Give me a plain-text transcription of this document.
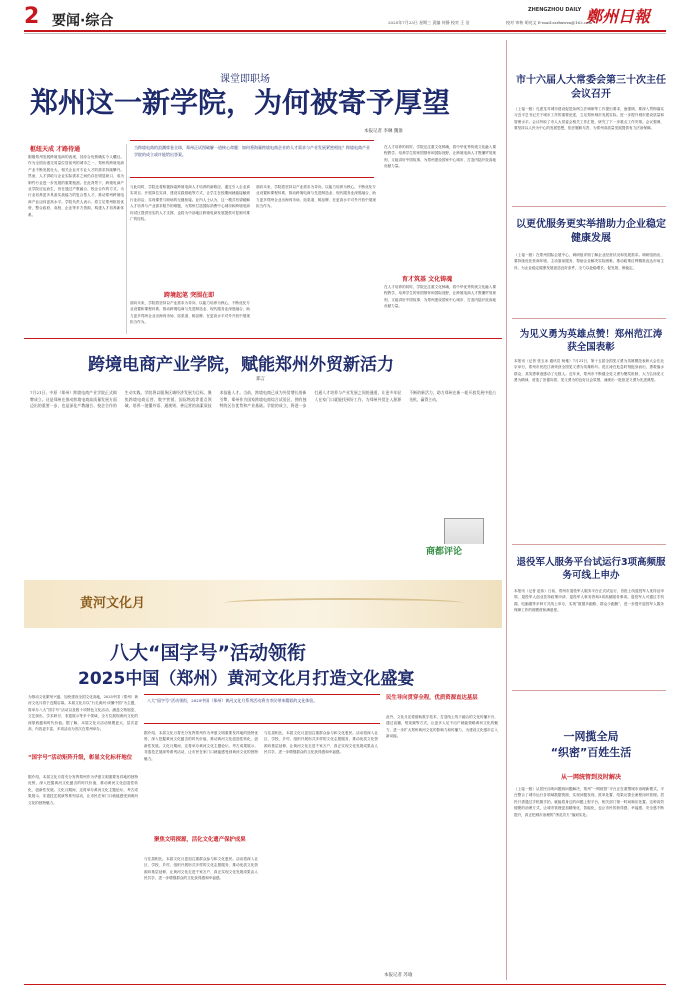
2 要闻·综合
ZHENGZHOU DAILY 鄭州日報
2025年7月23日 星期三 责编 何静 校对 王 洁	校对 审核 胡亮文 E-mail:zzrbxwzx@163.com
课堂即职场
郑州这一新学院，为何被寄予厚望
本报记者 李琳 魏淮
当跨境电商的浪潮席卷全球，郑州正试图破解一道核心命题：如何将海量跨境电商企业的人才需求与产业发展紧密相连？跨境电商产业学院的成立或许能给出答案。
枢纽天成 才路待通
刚刚郑州发展跨境电商的表现，其综合优势确实令人瞩目。作为全国出港交易量位居前列的城市之一，郑州的跨境电商产业不断发展壮大，相关企业对专业人才的需求持续攀升。然而，人才供给与企业实际需求之间仍存在明显缺口，成为制约行业进一步发展的重要瓶颈。在此背景下，跨境电商产业学院应运而生，旨在通过产教融合、校企合作的方式，为行业培养更多具备实战能力的复合型人才，推动郑州跨境电商产业迈向更高水平。学院负责人表示，将立足郑州枢纽优势，整合政府、高校、企业等多方资源，构建人才培养新体系。
与此同时，学院还将积极探索跨境电商人才培养的新路径，通过引入企业真实项目、开展岗位实训、建设实践基地等方式，让学生在校期间就能接触到行业前沿，实现课堂与职场的无缝衔接。业内人士认为，这一模式有望破解人才培养与产业需求脱节的难题，为郑州打造国际消费中心城市和跨境电商综试区提供坚实的人才支撑，也将为中部地区跨境电商发展提供可复制可推广的经验。
跨境起笔 突围在即
面向未来，学院将坚持以产业需求为导向，以能力培养为核心，不断优化专业设置和课程体系，推动跨境电商与先进制造业、现代服务业深度融合，助力更多郑州企业出海闯市场、拓渠道、树品牌，在更高水平对外开放中展现担当作为。
面向未来，学院将坚持以产业需求为导向，以能力培养为核心，不断优化专业设置和课程体系，推动跨境电商与先进制造业、现代服务业深度融合，助力更多郑州企业出海闯市场、拓渠道、树品牌，在更高水平对外开放中展现担当作为。
在人才培养的同时，学院还注重文化铸魂，将中华优秀传统文化融入课程教学，培养学生的家国情怀和国际视野，让跨境电商人才既懂贸易规则，又能讲好中国故事，为郑州建设国家中心城市、打造内陆开放高地贡献力量。
育才筑基 文化铸魂
在人才培养的同时，学院还注重文化铸魂，将中华优秀传统文化融入课程教学，培养学生的家国情怀和国际视野，让跨境电商人才既懂贸易规则，又能讲好中国故事，为郑州建设国家中心城市、打造内陆开放高地贡献力量。
跨境电商产业学院，赋能郑州外贸新活力
郑言
7月21日，中原（郑州）跨境电商产业学院正式揭牌成立。这是郑州在推动跨境电商高质量发展方面迈出的重要一步，也是深化产教融合、校企合作的生动实践。学院将以服务区域经济发展为目标，聚焦跨境电商运营、数字营销、国际物流等重点领域，培养一批懂外语、通规则、善运营的高素质技术技能人才。当前，跨境电商已成为外贸增长的新引擎，郑州作为国家跨境电商综合试验区，拥有独特的区位优势和产业基础。学院的成立，将进一步打通人才培养与产业发展之间的通道，让更多年轻人在家门口就能找到好工作，为郑州外贸注入源源不断的新活力，助力郑州在新一轮开放发展中抢占先机、赢得主动。
商都评论
黄河文化月
八大“国字号”活动领衔
2025中国（郑州）黄河文化月打造文化盛宴
本报记者 苏瑜
为推动文化繁荣兴盛，加快建设全国文化高地，2025中国（郑州）黄河文化月将于近期启幕。本届文化月以“行走黄河·读懂中国”为主题，将举办八大“国字号”活动以及数十项特色文化活动，涵盖文物展览、文艺演出、学术研讨、非遗展示等多个领域，全方位展现黄河文化的深厚底蕴和时代价值。据了解，本届文化月活动规模更大、层次更高、内容更丰富，多项活动为首次在郑州举办。
“国字号”活动矩阵升级，彰显文化标杆地位
据介绍，本届文化月将充分发挥郑州作为华夏文明重要发祥地的独特优势，深入挖掘黄河文化蕴含的时代价值，推动黄河文化创造性转化、创新性发展。文化月期间，还将举办黄河文化主题论坛、考古成果展示、非遗技艺展演等系列活动，让市民在家门口就能感受到黄河文化的独特魅力。
八大“国字号”活动领衔，2025中国（郑州）黄河文化月系列活动将为市民带来精彩的文化体验。
据介绍，本届文化月将充分发挥郑州作为华夏文明重要发祥地的独特优势，深入挖掘黄河文化蕴含的时代价值，推动黄河文化创造性转化、创新性发展。文化月期间，还将举办黄河文化主题论坛、考古成果展示、非遗技艺展演等系列活动，让市民在家门口就能感受到黄河文化的独特魅力。
聚焦文明探源，活化文化遗产保护成果
与往届相比，本届文化月更加注重群众参与和文化惠民。活动将深入社区、学校、乡村，组织开展形式多样的文化志愿服务，推动优质文化资源向基层延伸，让黄河文化走进千家万户，真正实现文化发展成果由人民共享，进一步增强群众的文化获得感和幸福感。
与往届相比，本届文化月更加注重群众参与和文化惠民。活动将深入社区、学校、乡村，组织开展形式多样的文化志愿服务，推动优质文化资源向基层延伸，让黄河文化走进千家万户，真正实现文化发展成果由人民共享，进一步增强群众的文化获得感和幸福感。
民生导向贯穿全程，优质资源直达基层
此外，文化月还将借助数字技术，打造线上线下融合的文化传播平台，通过直播、短视频等方式，让更多人足不出户就能领略黄河文化的魅力，进一步扩大郑州黄河文化的影响力和传播力，为建设文化强市注入新动能。
市十六届人大常委会第三十次主任会议召开
（上接一版）孔建龙对城市建设促进条例立法调研等工作提出要求，他强调，要深入贯彻落实习近平总书记关于城市工作的重要论述，立足郑州城市发展实际，进一步提升城市建设质量和管理水平。会议听取了市人大常委会相关工作汇报，研究了下一步重点工作安排。会议强调，要坚持以人民为中心的发展思想，依法履职尽责，为郑州高质量发展提供有力法治保障。
以更优服务更实举措助力企业稳定健康发展
（上接一版）在郑州国际会展中心，调研组详细了解企业经营状况和发展需求。调研组指出，要持续优化营商环境，主动靠前服务，帮助企业解决实际困难，推动政策红利精准直达市场主体，为企业稳定健康发展创造良好条件，全力以赴稳增长、促发展、保稳定。
为见义勇为英雄点赞！郑州范江涛获全国表彰
本报讯（记者 张玉冰 通讯员 杨雅）7月21日，第十五届全国见义勇为英雄模范表彰大会在北京举行，郑州市民范江涛荣获全国见义勇为英雄称号。范江涛在危急时刻挺身而出，勇救落水群众，其英勇事迹感动了无数人。近年来，郑州市不断健全见义勇为褒奖机制，大力弘扬见义勇为精神，营造了崇德向善、见义勇为的良好社会氛围，涌现出一批批见义勇为先进典型。
退役军人服务平台试运行3项高频服务可线上申办
本报讯（记者 赵伟）日前，郑州市退役军人服务平台正式试运行，首批上线退役军人优待证申领、退役军人创业扶持政策申请、退役军人事务咨询3项高频服务事项。退役军人可通过手机端、电脑端等多种方式线上申办，实现“数据多跑路、群众少跑腿”，进一步提升退役军人服务保障工作的便捷度和满意度。
一网揽全局
“织密”百姓生活
从一网统管到及时解决
（上接一版）从居民反映问题到问题解决，郑州“一网统管”平台正在重塑城市治理新模式。平台整合了城市运行各领域数据资源，实现问题发现、派单处置、结果反馈全流程闭环管理。居民只需通过手机随手拍，就能将身边的问题上报平台，相关部门第一时间响应处置。这种高效便捷的治理方式，让城市管理更加精细化、智能化，也让市民的获得感、幸福感、安全感不断提升，真正把城市治理的“绣花功夫”落到实处。
